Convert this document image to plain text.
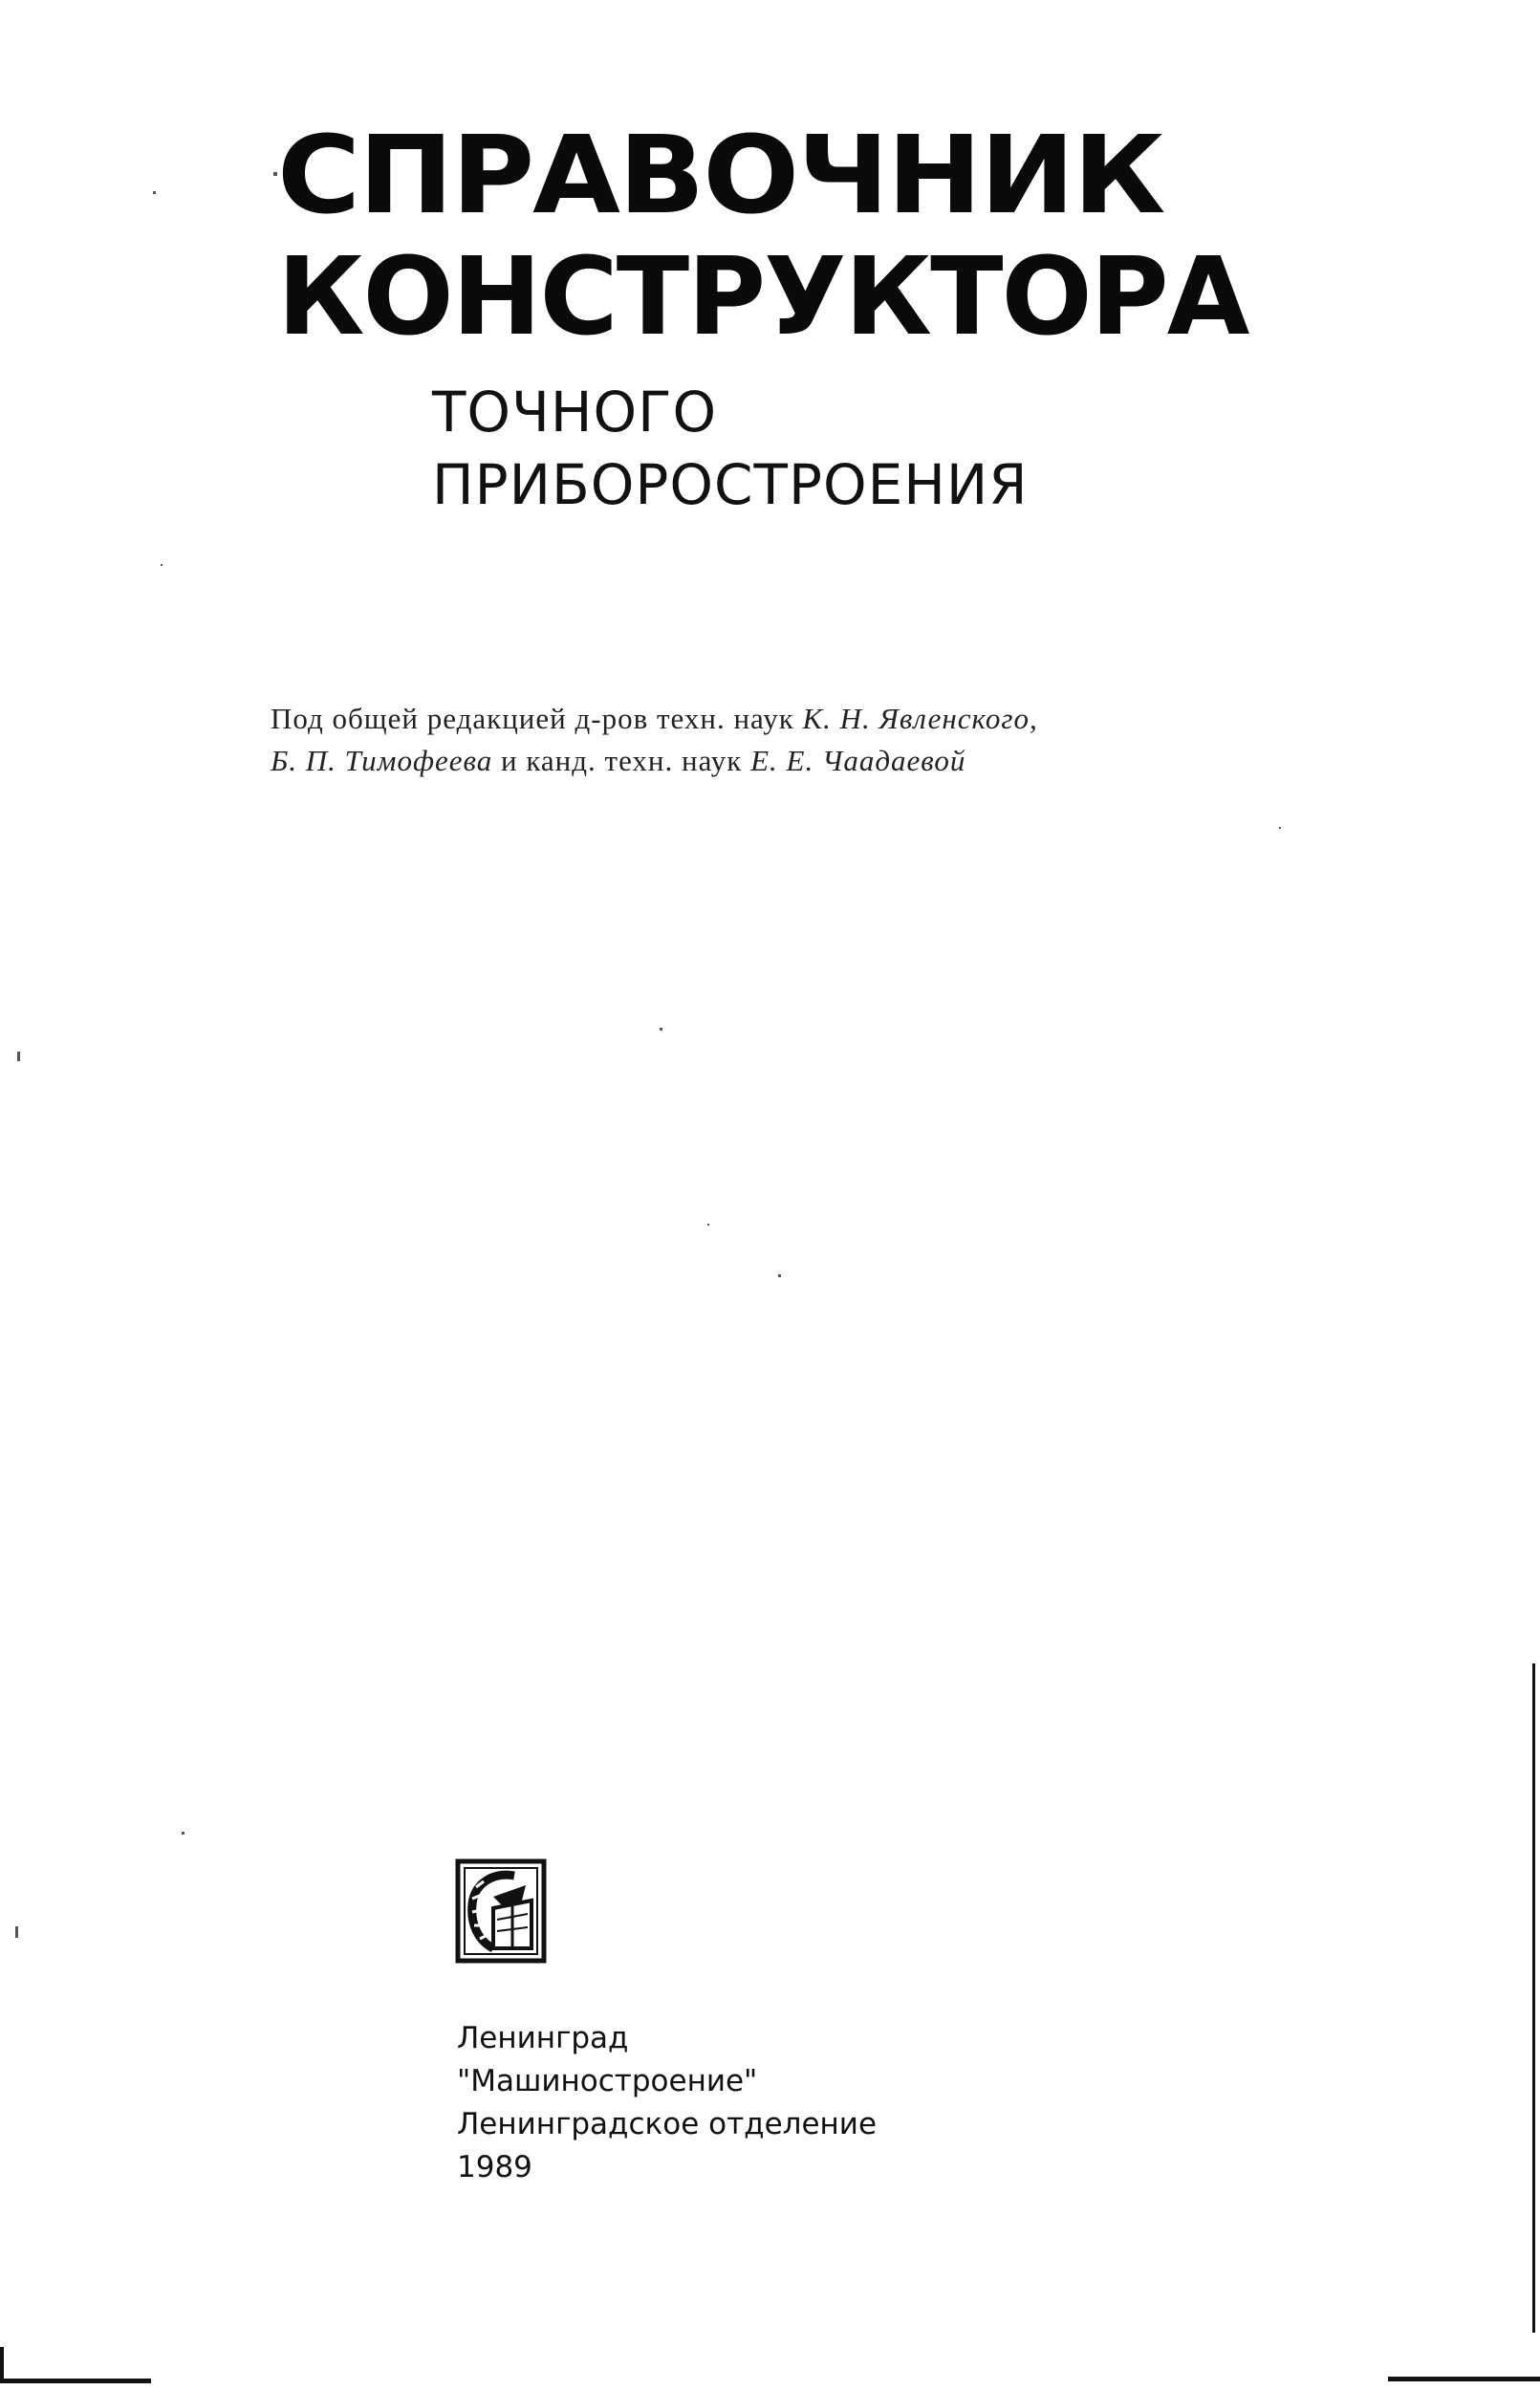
СПРАВОЧНИК
КОНСТРУКТОРА
ТОЧНОГО
ПРИБОРОСТРОЕНИЯ
Под общей редакцией д-ров техн. наук К. Н. Явленского,
Б. П. Тимофеева и канд. техн. наук Е. Е. Чаадаевой
Ленинград
"Машиностроение"
Ленинградское отделение
1989
